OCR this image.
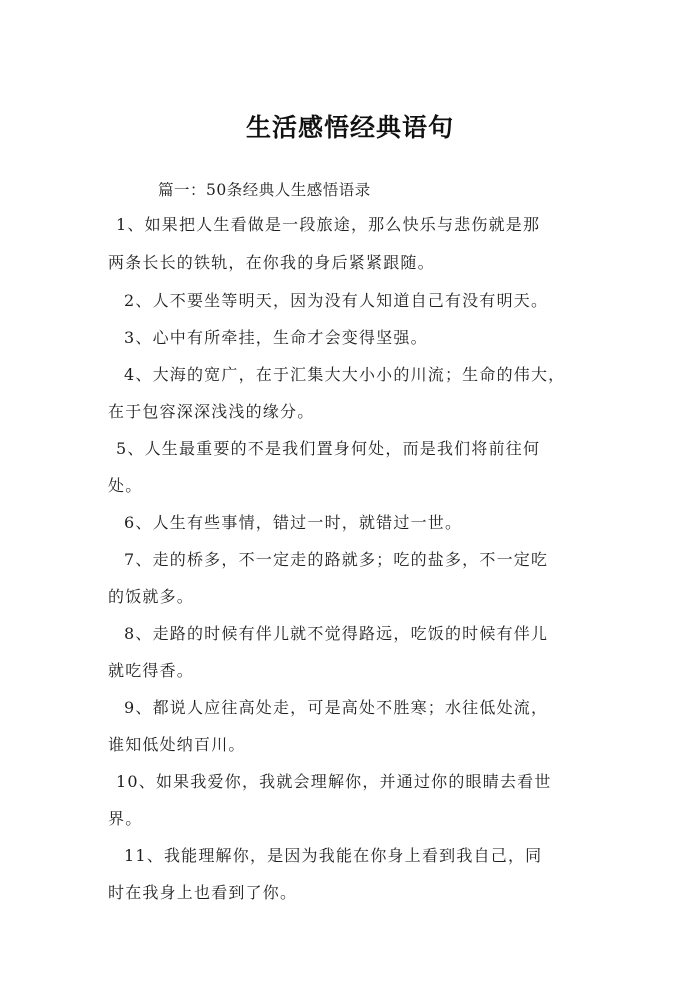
生活感悟经典语句
篇一：50条经典人生感悟语录
1、如果把人生看做是一段旅途，那么快乐与悲伤就是那
两条长长的铁轨，在你我的身后紧紧跟随。
2、人不要坐等明天，因为没有人知道自己有没有明天。
3、心中有所牵挂，生命才会变得坚强。
4、大海的宽广，在于汇集大大小小的川流；生命的伟大，
在于包容深深浅浅的缘分。
5、人生最重要的不是我们置身何处，而是我们将前往何
处。
6、人生有些事情，错过一时，就错过一世。
7、走的桥多，不一定走的路就多；吃的盐多，不一定吃
的饭就多。
8、走路的时候有伴儿就不觉得路远，吃饭的时候有伴儿
就吃得香。
9、都说人应往高处走，可是高处不胜寒；水往低处流，
谁知低处纳百川。
10、如果我爱你，我就会理解你，并通过你的眼睛去看世
界。
11、我能理解你，是因为我能在你身上看到我自己，同
时在我身上也看到了你。
